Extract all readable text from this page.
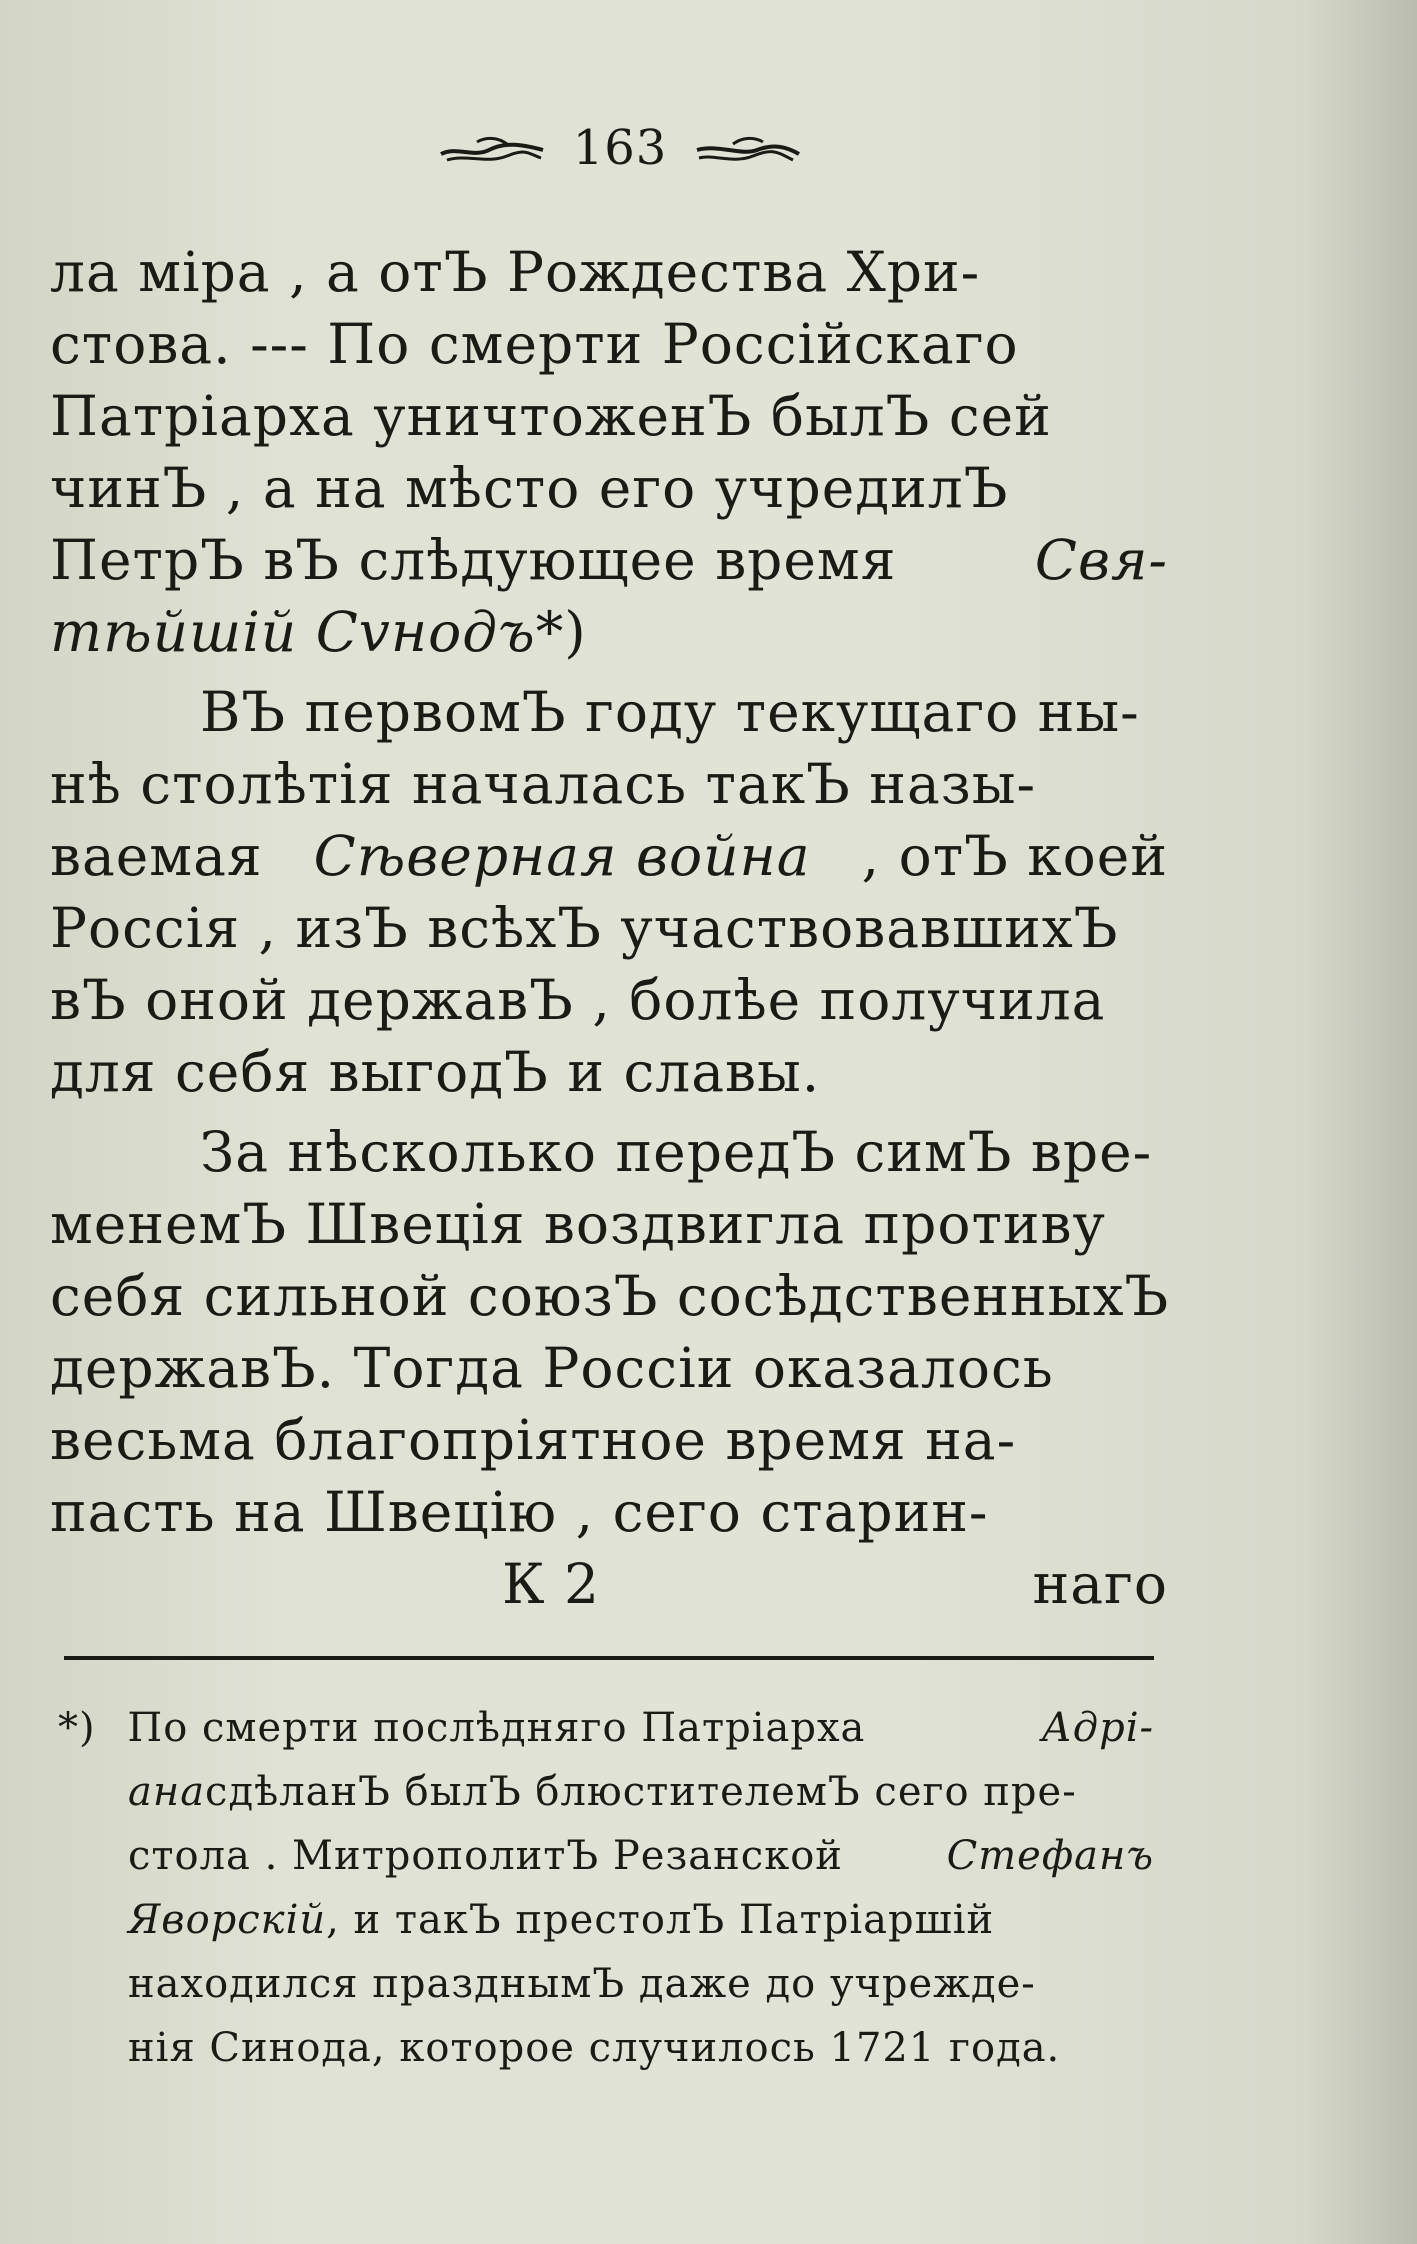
163
ла міра , а отЪ Рождества Хри-
стова. --- По смерти Россійскаго
Патріарха уничтоженЪ былЪ сей
чинЪ , а на мѣсто его учредилЪ
ПетрЪ вЪ слѣдующее время	Свя-
тѣйшій Сvнодъ *)
ВЪ первомЪ году текущаго ны-
нѣ столѣтія началась такЪ назы-
ваемая Сѣверная война , отЪ коей
Россія , изЪ всѣхЪ участвовавшихЪ
вЪ оной державЪ , болѣе получила
для себя выгодЪ и славы.
За нѣсколько передЪ симЪ вре-
менемЪ Швеція воздвигла противу
себя сильной союзЪ сосѣдственныхЪ
державЪ. Тогда Россіи оказалось
весьма благопріятное время на-
пасть на Швецію , сего старин-
К 2	наго
*) По смерти послѣдняго Патріарха	Адрі-
ана сдѣланЪ былЪ блюстителемЪ сего пре-
стола . МитрополитЪ Резанской	Стефанъ
Яворскій , и такЪ престолЪ Патріаршій
находился празднымЪ даже до учрежде-
нія Синода, которое случилось 1721 года.
